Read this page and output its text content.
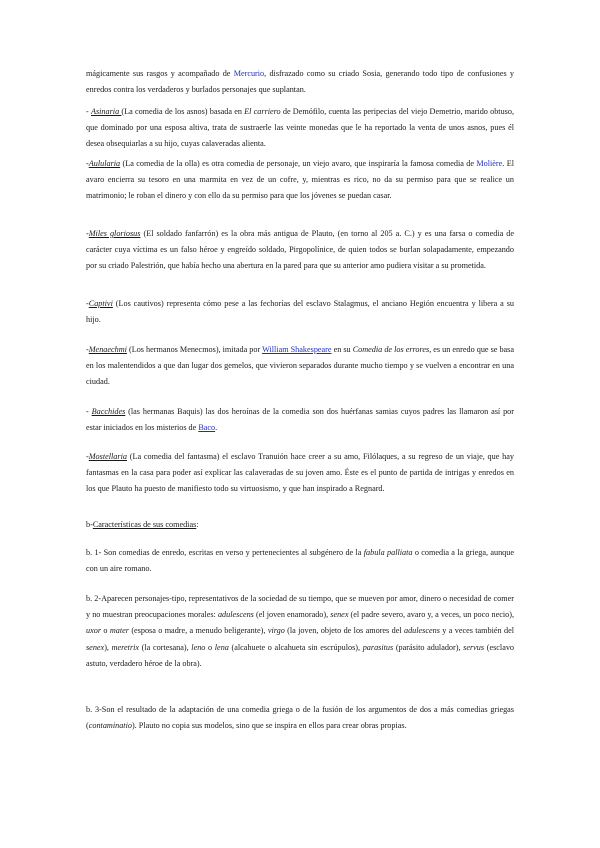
mágicamente sus rasgos y acompañado de Mercurio, disfrazado como su criado Sosia, generando todo tipo de confusiones y enredos contra los verdaderos y burlados personajes que suplantan.

- Asinaria (La comedia de los asnos) basada en El carriero de Demófilo, cuenta las peripecias del viejo Demetrio, marido obtuso, que dominado por una esposa altiva, trata de sustraerle las veinte monedas que le ha reportado la venta de unos asnos, pues él desea obsequiarlas a su hijo, cuyas calaveradas alienta.

-Aulularia (La comedia de la olla) es otra comedia de personaje, un viejo avaro, que inspiraría la famosa comedia de Molière. El avaro encierra su tesoro en una marmita en vez de un cofre, y, mientras es rico, no da su permiso para que se realice un matrimonio; le roban el dinero y con ello da su permiso para que los jóvenes se puedan casar.

-Miles gloriosus (El soldado fanfarrón) es la obra más antigua de Plauto, (en torno al 205 a. C.) y es una farsa o comedia de carácter cuya víctima es un falso héroe y engreído soldado, Pirgopolínice, de quien todos se burlan solapadamente, empezando por su criado Palestrión, que había hecho una abertura en la pared para que su anterior amo pudiera visitar a su prometida.

-Captivi (Los cautivos) representa cómo pese a las fechorías del esclavo Stalagmus, el anciano Hegión encuentra y libera a su hijo.

-Menaechmi (Los hermanos Menecmos), imitada por William Shakespeare en su Comedia de los errores, es un enredo que se basa en los malentendidos a que dan lugar dos gemelos, que vivieron separados durante mucho tiempo y se vuelven a encontrar en una ciudad.

- Bacchides (las hermanas Baquis) las dos heroínas de la comedia son dos huérfanas samias cuyos padres las llamaron así por estar iniciados en los misterios de Baco.

-Mostellaria (La comedia del fantasma) el esclavo Tranuión hace creer a su amo, Filólaques, a su regreso de un viaje, que hay fantasmas en la casa para poder así explicar las calaveradas de su joven amo. Éste es el punto de partida de intrigas y enredos en los que Plauto ha puesto de manifiesto todo su virtuosismo, y que han inspirado a Regnard.

b-Características de sus comedias:

b. 1- Son comedias de enredo, escritas en verso y pertenecientes al subgénero de la fabula palliata o comedia a la griega, aunque con un aire romano.

b. 2-Aparecen personajes-tipo, representativos de la sociedad de su tiempo, que se mueven por amor, dinero o necesidad de comer y no muestran preocupaciones morales: adulescens (el joven enamorado), senex (el padre severo, avaro y, a veces, un poco necio), uxor o mater (esposa o madre, a menudo beligerante), virgo (la joven, objeto de los amores del adulescens y a veces también del senex), meretrix (la cortesana), leno o lena (alcahuete o alcahueta sin escrúpulos), parasitus (parásito adulador), servus (esclavo astuto, verdadero héroe de la obra).

b. 3-Son el resultado de la adaptación de una comedia griega o de la fusión de los argumentos de dos a más comedias griegas (contaminatio). Plauto no copia sus modelos, sino que se inspira en ellos para crear obras propias.
